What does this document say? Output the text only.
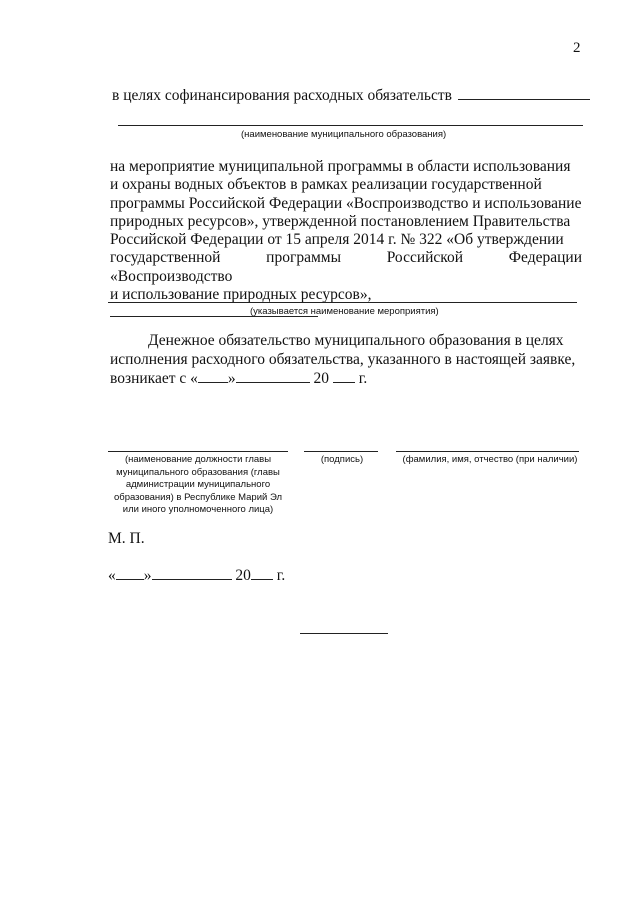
2
в целях софинансирования расходных обязательств
(наименование муниципального образования)
на мероприятие муниципальной программы в области использования
и охраны водных объектов в рамках реализации государственной
программы Российской Федерации «Воспроизводство и использование
природных ресурсов», утвержденной постановлением Правительства
Российской Федерации от 15 апреля 2014 г. № 322 «Об утверждении
государственной программы Российской Федерации «Воспроизводство
и использование природных ресурсов»,
(указывается наименование мероприятия)
Денежное обязательство муниципального образования в целях
исполнения расходного обязательства, указанного в настоящей заявке,
возникает с « »	20 г.
(наименование должности главы муниципального образования (главы администрации муниципального образования) в Республике Марий Эл или иного уполномоченного лица)
(подпись)	(фамилия, имя, отчество (при наличии)
М. П.
« »	20 г.
